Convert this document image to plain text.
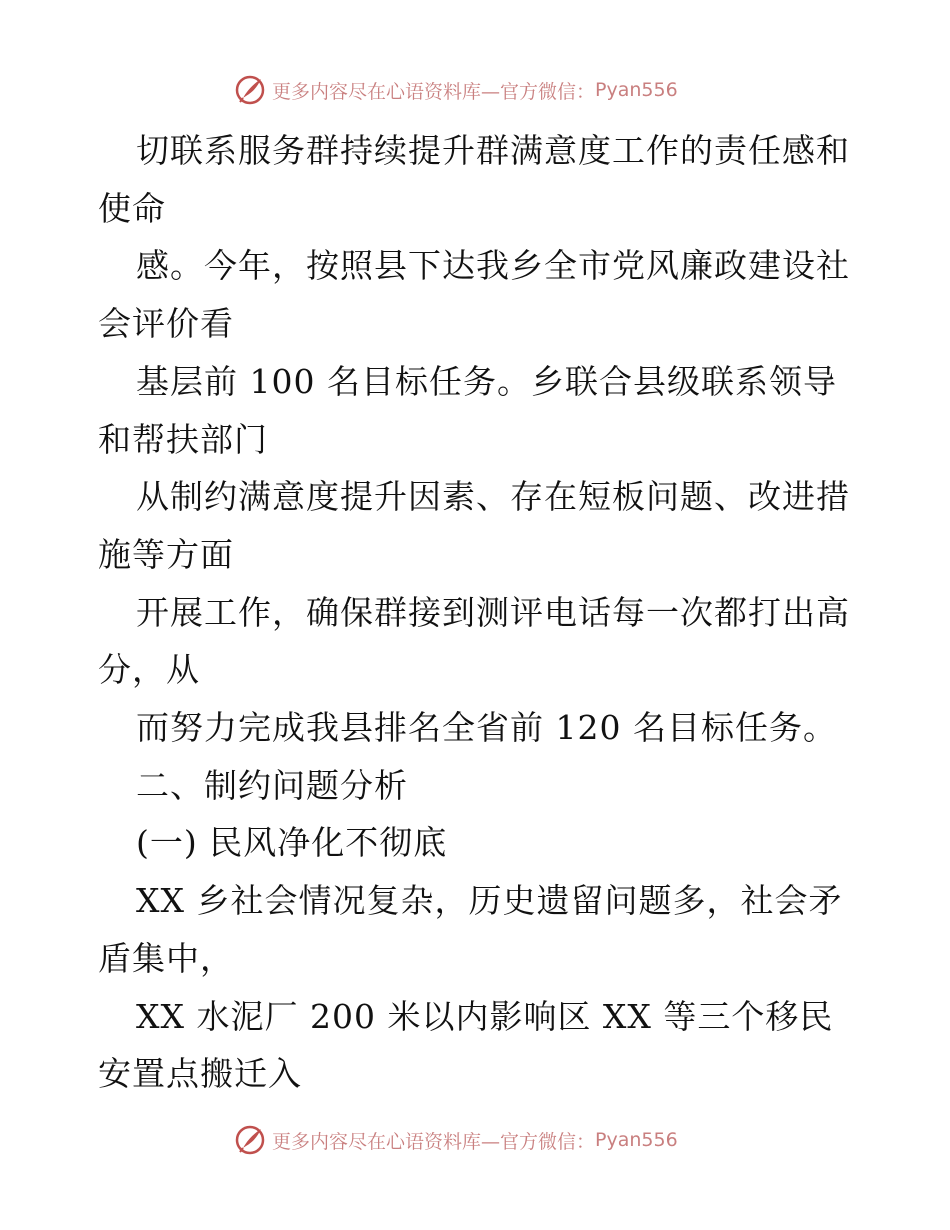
更多内容尽在心语资料库—官方微信： Pyan556

切联系服务群持续提升群满意度工作的责任感和使命

感。今年，按照县下达我乡全市党风廉政建设社会评价看

基层前 100 名目标任务。乡联合县级联系领导和帮扶部门

从制约满意度提升因素、存在短板问题、改进措施等方面

开展工作，确保群接到测评电话每一次都打出高分，从

而努力完成我县排名全省前 120 名目标任务。

二、制约问题分析

(一) 民风净化不彻底

XX 乡社会情况复杂，历史遗留问题多，社会矛盾集中，

XX 水泥厂 200 米以内影响区 XX 等三个移民安置点搬迁入

更多内容尽在心语资料库—官方微信： Pyan556
